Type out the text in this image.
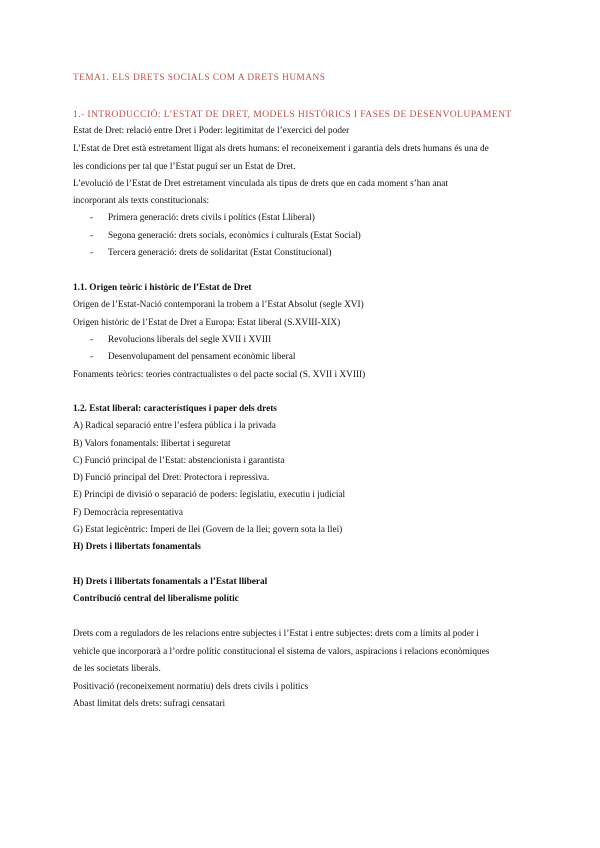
TEMA1. ELS DRETS SOCIALS COM A DRETS HUMANS
1.- INTRODUCCIÓ: L’ESTAT DE DRET, MODELS HISTÒRICS I FASES DE DESENVOLUPAMENT
Estat de Dret: relació entre Dret i Poder: legitimitat de l’exercici del poder
L’Estat de Dret està estretament lligat als drets humans: el reconeixement i garantia dels drets humans és una de
les condicions per tal que l’Estat pugui ser un Estat de Dret.
L’evolució de l’Estat de Dret estretament vinculada als tipus de drets que en cada moment s’han anat
incorporant als texts constitucionals:
- Primera generació: drets civils i polítics (Estat Lliberal)
- Segona generació: drets socials, econòmics i culturals (Estat Social)
- Tercera generació: drets de solidaritat (Estat Constitucional)
1.1. Origen teòric i històric de l’Estat de Dret
Origen de l’Estat-Nació contemporani la trobem a l’Estat Absolut (segle XVI)
Origen històric de l’Estat de Dret a Europa: Estat liberal (S.XVIII-XIX)
- Revolucions liberals del segle XVII i XVIII
- Desenvolupament del pensament econòmic liberal
Fonaments teòrics: teories contractualistes o del pacte social (S. XVII i XVIII)
1.2. Estat liberal: característiques i paper dels drets
A) Radical separació entre l’esfera pública i la privada
B) Valors fonamentals: llibertat i seguretat
C) Funció principal de l’Estat: abstencionista i garantista
D) Funció principal del Dret: Protectora i repressiva.
E) Principi de divisió o separació de poders: legislatiu, executiu i judicial
F) Democràcia representativa
G) Estat legicèntric: Imperi de llei (Govern de la llei; govern sota la llei)
H) Drets i llibertats fonamentals
H) Drets i llibertats fonamentals a l’Estat lliberal
Contribució central del liberalisme polític
Drets com a reguladors de les relacions entre subjectes i l’Estat i entre subjectes: drets com a límits al poder i
vehicle que incorporarà a l’ordre polític constitucional el sistema de valors, aspiracions i relacions econòmiques
de les societats liberals.
Positivació (reconeixement normatiu) dels drets civils i polítics
Abast limitat dels drets: sufragi censatari
